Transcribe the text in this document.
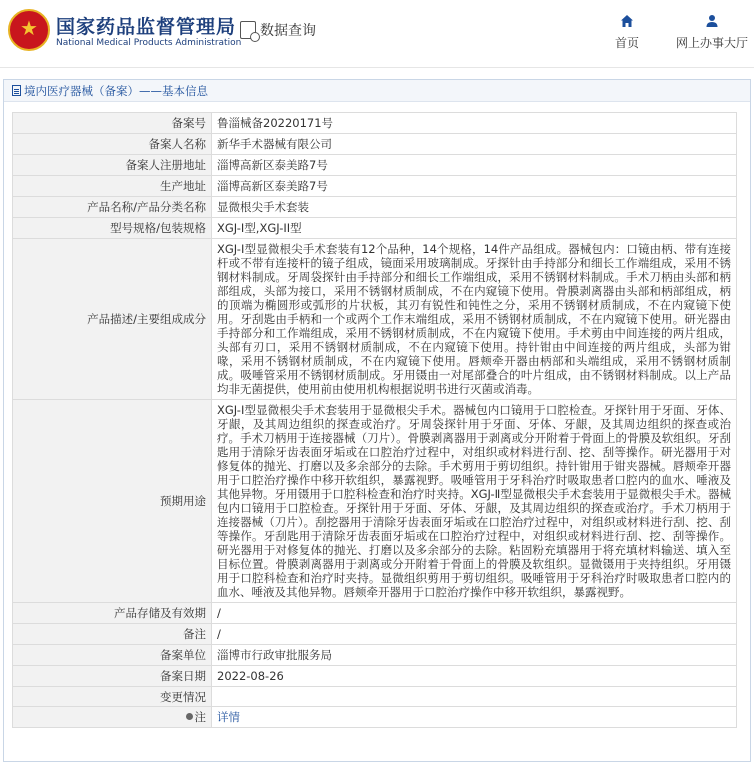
★
国家药品监督管理局
National Medical Products Administration
数据查询
首页	网上办事大厅
境内医疗器械（备案）——基本信息
备案号	鲁淄械备20220171号
备案人名称	新华手术器械有限公司
备案人注册地址	淄博高新区泰美路7号
生产地址	淄博高新区泰美路7号
产品名称/产品分类名称	显微根尖手术套装
型号规格/包装规格	XGJ-I型,XGJ-II型
产品描述/主要组成成分	XGJ-Ⅰ型显微根尖手术套装有12个品种，14个规格，14件产品组成。器械包内：口镜由柄、带有连接杆或不带有连接杆的镜子组成，镜面采用玻璃制成。牙探针由手持部分和细长工作端组成，采用不锈钢材料制成。牙周袋探针由手持部分和细长工作端组成，采用不锈钢材料制成。手术刀柄由头部和柄部组成，头部为接口，采用不锈钢材质制成，不在内窥镜下使用。骨膜剥离器由头部和柄部组成，柄的顶端为椭圆形或弧形的片状板，其刃有锐性和钝性之分，采用不锈钢材质制成，不在内窥镜下使用。牙刮匙由手柄和一个或两个工作末端组成，采用不锈钢材质制成，不在内窥镜下使用。研光器由手持部分和工作端组成，采用不锈钢材质制成，不在内窥镜下使用。手术剪由中间连接的两片组成，头部有刃口，采用不锈钢材质制成，不在内窥镜下使用。持针钳由中间连接的两片组成，头部为钳喙，采用不锈钢材质制成，不在内窥镜下使用。唇颊牵开器由柄部和头端组成，采用不锈钢材质制成。吸唾管采用不锈钢材质制成。牙用镊由一对尾部叠合的叶片组成，由不锈钢材料制成。以上产品均非无菌提供，使用前由使用机构根据说明书进行灭菌或消毒。
预期用途	XGJ-Ⅰ型显微根尖手术套装用于显微根尖手术。器械包内口镜用于口腔检查。牙探针用于牙面、牙体、牙龈，及其周边组织的探查或治疗。牙周袋探针用于牙面、牙体、牙龈，及其周边组织的探查或治疗。手术刀柄用于连接器械（刀片）。骨膜剥离器用于剥离或分开附着于骨面上的骨膜及软组织。牙刮匙用于清除牙齿表面牙垢或在口腔治疗过程中，对组织或材料进行刮、挖、刮等操作。研光器用于对修复体的抛光、打磨以及多余部分的去除。手术剪用于剪切组织。持针钳用于钳夹器械。唇颊牵开器用于口腔治疗操作中移开软组织，暴露视野。吸唾管用于牙科治疗时吸取患者口腔内的血水、唾液及其他异物。牙用镊用于口腔科检查和治疗时夹持。XGJ-Ⅱ型显微根尖手术套装用于显微根尖手术。器械包内口镜用于口腔检查。牙探针用于牙面、牙体、牙龈，及其周边组织的探查或治疗。手术刀柄用于连接器械（刀片）。刮挖器用于清除牙齿表面牙垢或在口腔治疗过程中，对组织或材料进行刮、挖、刮等操作。牙刮匙用于清除牙齿表面牙垢或在口腔治疗过程中，对组织或材料进行刮、挖、刮等操作。研光器用于对修复体的抛光、打磨以及多余部分的去除。粘固粉充填器用于将充填材料输送、填入至目标位置。骨膜剥离器用于剥离或分开附着于骨面上的骨膜及软组织。显微镊用于夹持组织。牙用镊用于口腔科检查和治疗时夹持。显微组织剪用于剪切组织。吸唾管用于牙科治疗时吸取患者口腔内的血水、唾液及其他异物。唇颊牵开器用于口腔治疗操作中移开软组织，暴露视野。
产品存储及有效期	/
备注	/
备案单位	淄博市行政审批服务局
备案日期	2022-08-26
变更情况	
注	详情
